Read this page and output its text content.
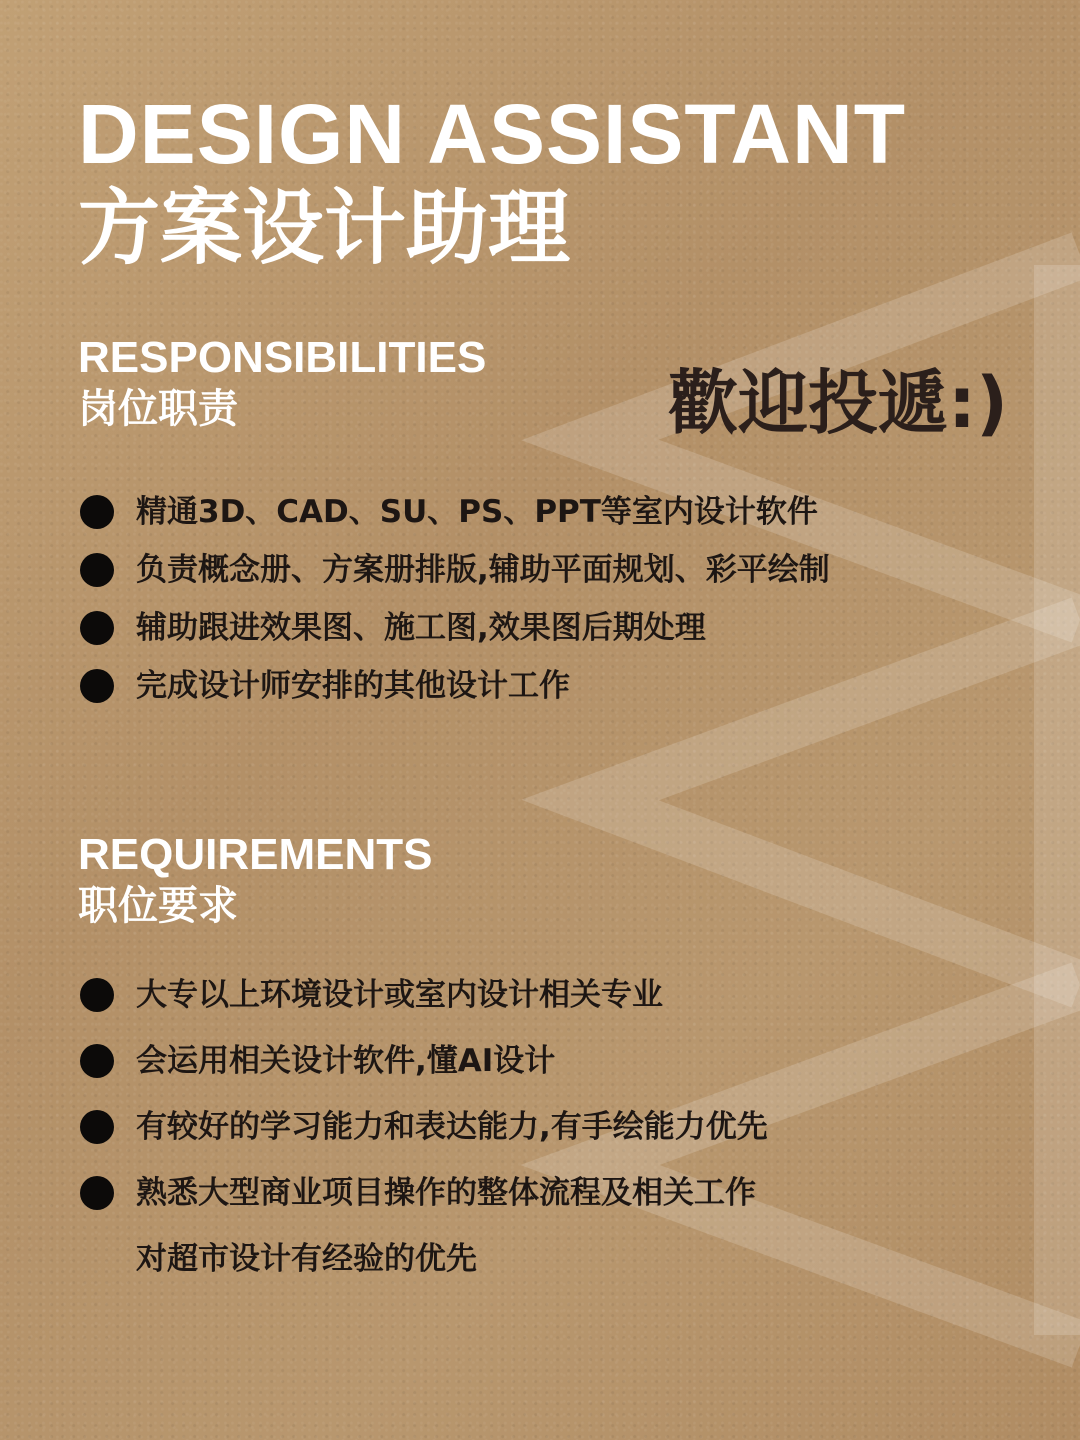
DESIGN ASSISTANT
方案设计助理
RESPONSIBILITIES
岗位职责	歡迎投遞:)
精通3D、CAD、SU、PS、PPT等室内设计软件
负责概念册、方案册排版,辅助平面规划、彩平绘制
辅助跟进效果图、施工图,效果图后期处理
完成设计师安排的其他设计工作
REQUIREMENTS
职位要求
大专以上环境设计或室内设计相关专业
会运用相关设计软件,懂AI设计
有较好的学习能力和表达能力,有手绘能力优先
熟悉大型商业项目操作的整体流程及相关工作
对超市设计有经验的优先
